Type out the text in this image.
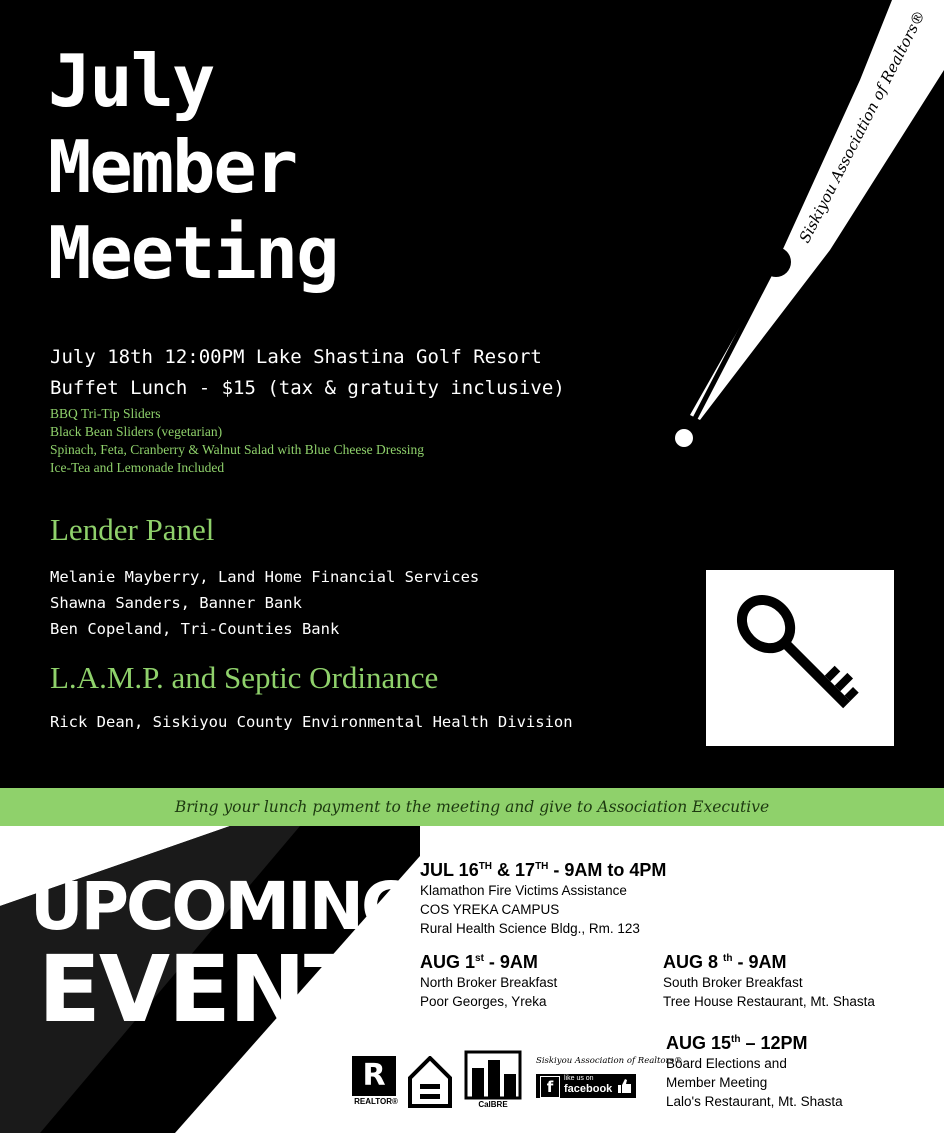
July
Member
Meeting
Siskiyou Association of Realtors®
July 18th 12:00PM Lake Shastina Golf Resort
Buffet Lunch - $15 (tax & gratuity inclusive)
BBQ Tri-Tip Sliders
Black Bean Sliders (vegetarian)
Spinach, Feta, Cranberry & Walnut Salad with Blue Cheese Dressing
Ice-Tea and Lemonade Included
Lender Panel
Melanie Mayberry, Land Home Financial Services
Shawna Sanders, Banner Bank
Ben Copeland, Tri-Counties Bank
L.A.M.P. and Septic Ordinance
Rick Dean, Siskiyou County Environmental Health Division
Bring your lunch payment to the meeting and give to Association Executive
UPCOMING
EVENTS
JUL 16TH & 17TH - 9AM to 4PM
Klamathon Fire Victims Assistance
COS YREKA CAMPUS
Rural Health Science Bldg., Rm. 123
AUG 1st - 9AM
North Broker Breakfast
Poor Georges, Yreka
AUG 8 $^{th}$ - 9AM
South Broker Breakfast
Tree House Restaurant, Mt. Shasta
AUG 15th – 12PM
Board Elections and
Member Meeting
Lalo's Restaurant, Mt. Shasta
R
REALTOR®	CalBRE
Siskiyou Association of Realtors®
f	like us on
facebook
